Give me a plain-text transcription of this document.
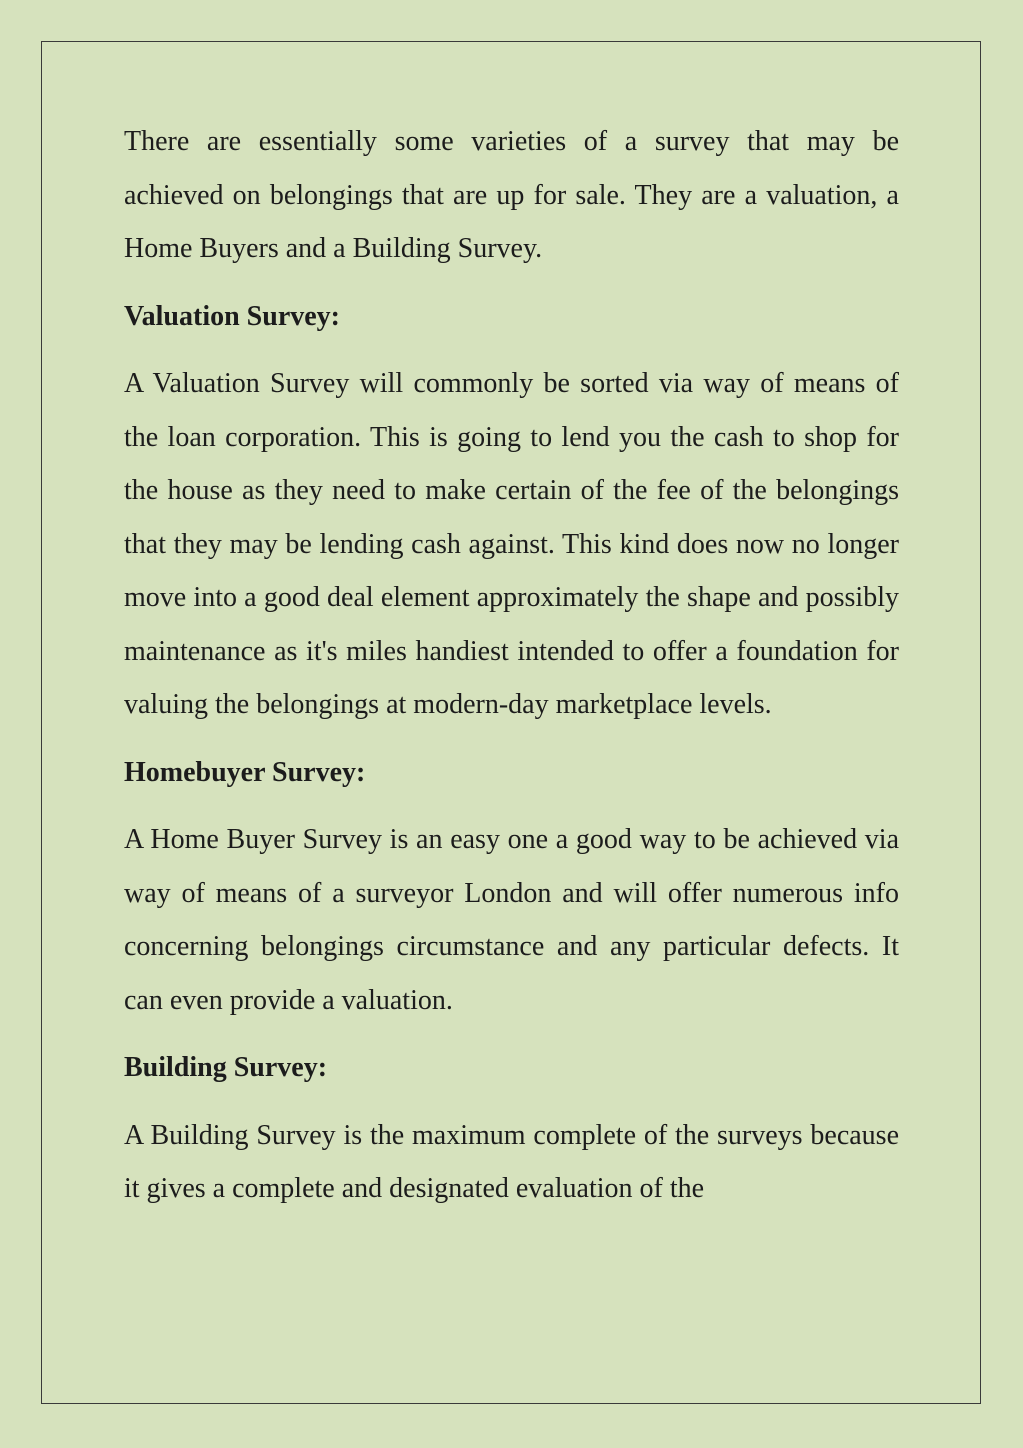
There are essentially some varieties of a survey that may be achieved on belongings that are up for sale. They are a valuation, a Home Buyers and a Building Survey.

Valuation Survey:

A Valuation Survey will commonly be sorted via way of means of the loan corporation. This is going to lend you the cash to shop for the house as they need to make certain of the fee of the belongings that they may be lending cash against. This kind does now no longer move into a good deal element approximately the shape and possibly maintenance as it's miles handiest intended to offer a foundation for valuing the belongings at modern-day marketplace levels.

Homebuyer Survey:

A Home Buyer Survey is an easy one a good way to be achieved via way of means of a surveyor London and will offer numerous info concerning belongings circumstance and any particular defects. It can even provide a valuation.

Building Survey:

A Building Survey is the maximum complete of the surveys because it gives a complete and designated evaluation of the
